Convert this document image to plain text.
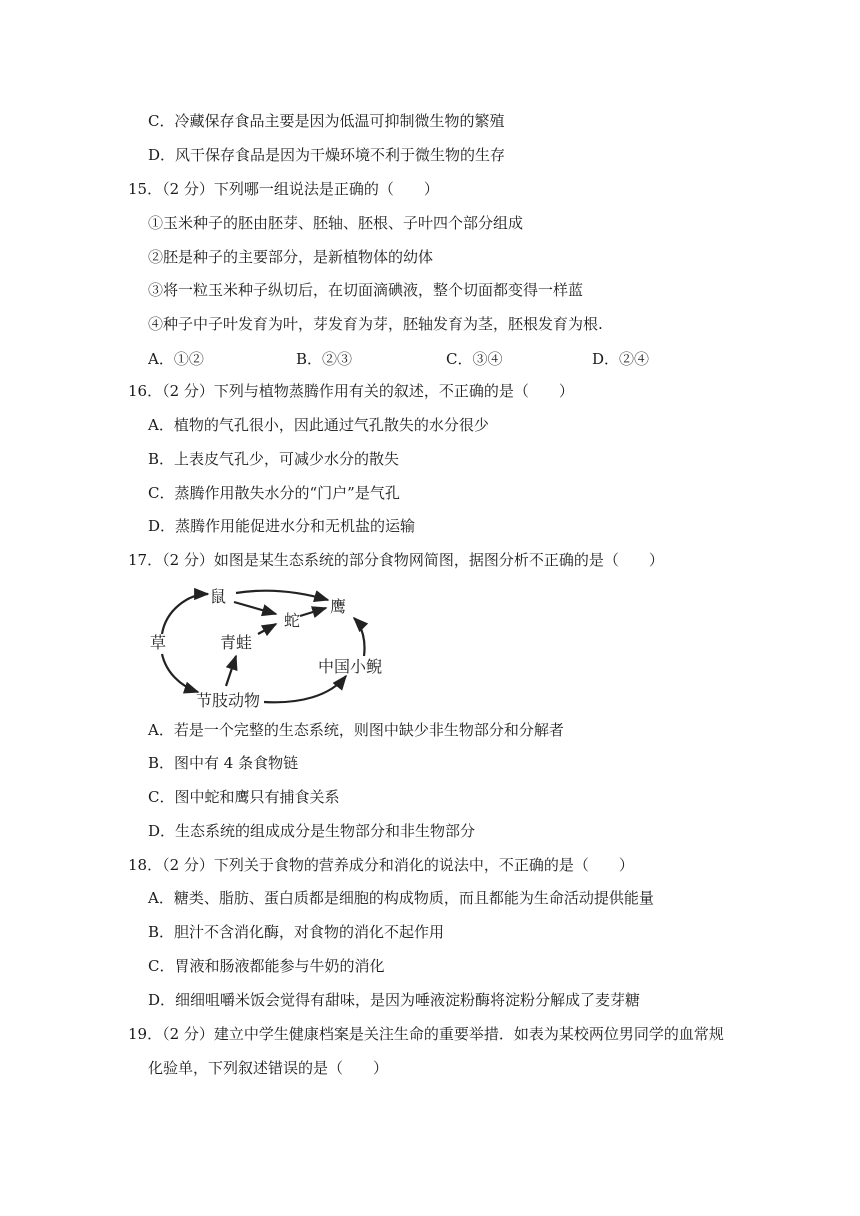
C．冷藏保存食品主要是因为低温可抑制微生物的繁殖
D．风干保存食品是因为干燥环境不利于微生物的生存
15．（2 分）下列哪一组说法是正确的（　　）
①玉米种子的胚由胚芽、胚轴、胚根、子叶四个部分组成
②胚是种子的主要部分，是新植物体的幼体
③将一粒玉米种子纵切后，在切面滴碘液，整个切面都变得一样蓝
④种子中子叶发育为叶，芽发育为芽，胚轴发育为茎，胚根发育为根.
A．①②	B．②③	C．③④	D．②④
16．（2 分）下列与植物蒸腾作用有关的叙述，不正确的是（　　）
A．植物的气孔很小，因此通过气孔散失的水分很少
B．上表皮气孔少，可减少水分的散失
C．蒸腾作用散失水分的“门户”是气孔
D．蒸腾作用能促进水分和无机盐的运输
17．（2 分）如图是某生态系统的部分食物网简图，据图分析不正确的是（　　）
草
鼠
蛇
鹰
青蛙
节肢动物
中国小鲵
A．若是一个完整的生态系统，则图中缺少非生物部分和分解者
B．图中有 4 条食物链
C．图中蛇和鹰只有捕食关系
D．生态系统的组成成分是生物部分和非生物部分
18．（2 分）下列关于食物的营养成分和消化的说法中，不正确的是（　　）
A．糖类、脂肪、蛋白质都是细胞的构成物质，而且都能为生命活动提供能量
B．胆汁不含消化酶，对食物的消化不起作用
C．胃液和肠液都能参与牛奶的消化
D．细细咀嚼米饭会觉得有甜味，是因为唾液淀粉酶将淀粉分解成了麦芽糖
19．（2 分）建立中学生健康档案是关注生命的重要举措．如表为某校两位男同学的血常规
化验单，下列叙述错误的是（　　）
